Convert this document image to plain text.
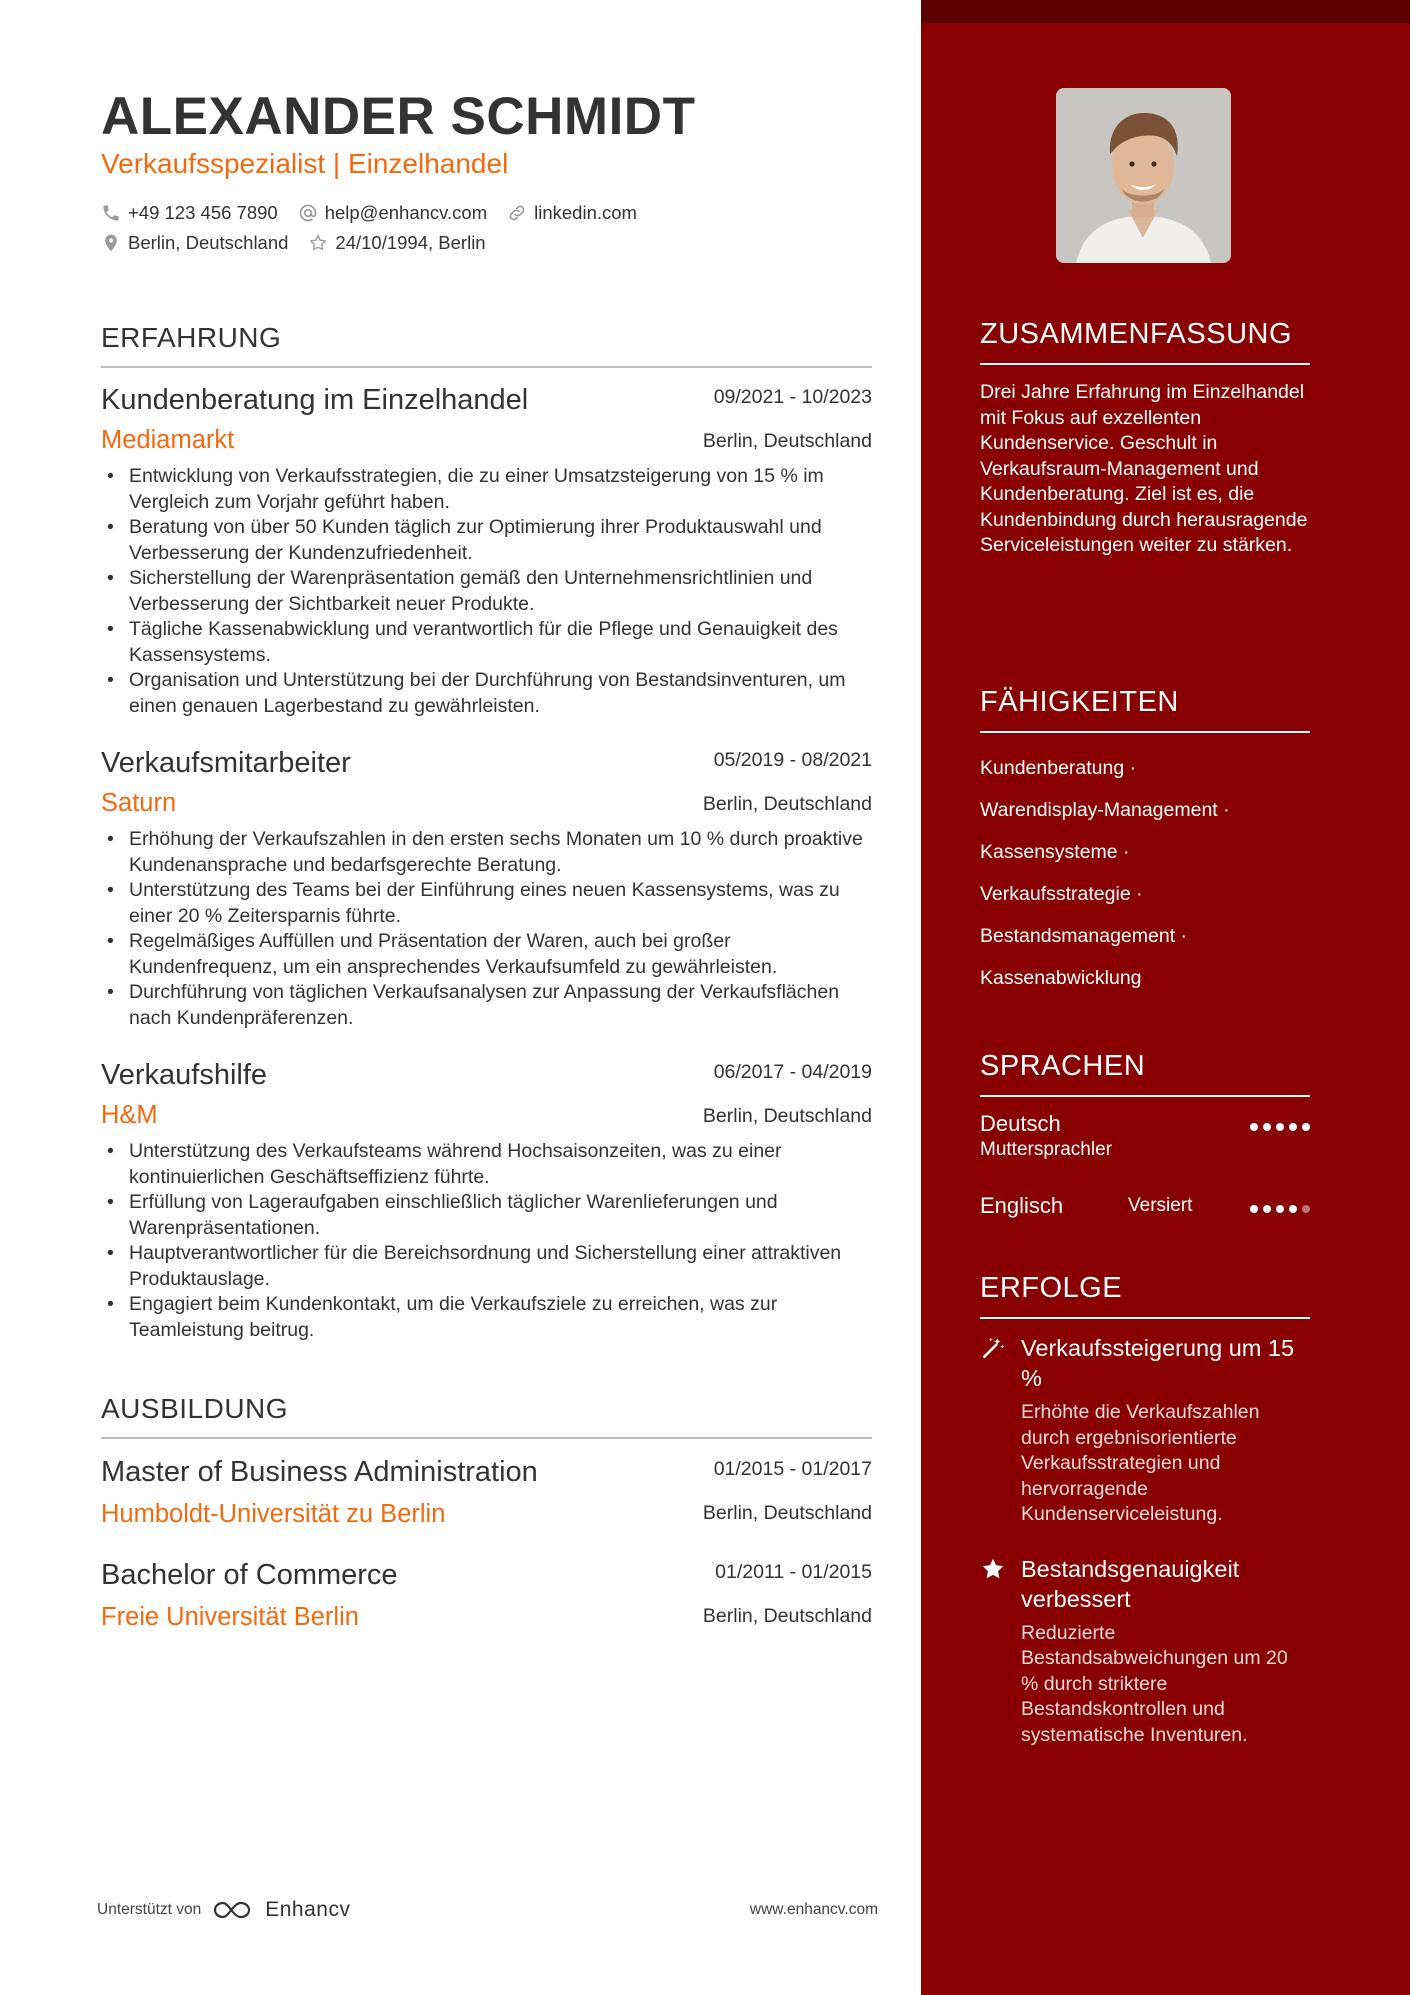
ALEXANDER SCHMIDT
Verkaufsspezialist | Einzelhandel
+49 123 456 7890	help@enhancv.com	linkedin.com
Berlin, Deutschland	24/10/1994, Berlin
ERFAHRUNG
Kundenberatung im Einzelhandel	09/2021 - 10/2023
Mediamarkt	Berlin, Deutschland
• Entwicklung von Verkaufsstrategien, die zu einer Umsatzsteigerung von 15 % im Vergleich zum Vorjahr geführt haben.
• Beratung von über 50 Kunden täglich zur Optimierung ihrer Produktauswahl und Verbesserung der Kundenzufriedenheit.
• Sicherstellung der Warenpräsentation gemäß den Unternehmensrichtlinien und Verbesserung der Sichtbarkeit neuer Produkte.
• Tägliche Kassenabwicklung und verantwortlich für die Pflege und Genauigkeit des Kassensystems.
• Organisation und Unterstützung bei der Durchführung von Bestandsinventuren, um einen genauen Lagerbestand zu gewährleisten.
Verkaufsmitarbeiter	05/2019 - 08/2021
Saturn	Berlin, Deutschland
• Erhöhung der Verkaufszahlen in den ersten sechs Monaten um 10 % durch proaktive Kundenansprache und bedarfsgerechte Beratung.
• Unterstützung des Teams bei der Einführung eines neuen Kassensystems, was zu einer 20 % Zeitersparnis führte.
• Regelmäßiges Auffüllen und Präsentation der Waren, auch bei großer Kundenfrequenz, um ein ansprechendes Verkaufsumfeld zu gewährleisten.
• Durchführung von täglichen Verkaufsanalysen zur Anpassung der Verkaufsflächen nach Kundenpräferenzen.
Verkaufshilfe	06/2017 - 04/2019
H&M	Berlin, Deutschland
• Unterstützung des Verkaufsteams während Hochsaisonzeiten, was zu einer kontinuierlichen Geschäftseffizienz führte.
• Erfüllung von Lageraufgaben einschließlich täglicher Warenlieferungen und Warenpräsentationen.
• Hauptverantwortlicher für die Bereichsordnung und Sicherstellung einer attraktiven Produktauslage.
• Engagiert beim Kundenkontakt, um die Verkaufsziele zu erreichen, was zur Teamleistung beitrug.
AUSBILDUNG
Master of Business Administration	01/2015 - 01/2017
Humboldt-Universität zu Berlin	Berlin, Deutschland
Bachelor of Commerce	01/2011 - 01/2015
Freie Universität Berlin	Berlin, Deutschland
Unterstützt von	Enhancv	www.enhancv.com
ZUSAMMENFASSUNG
Drei Jahre Erfahrung im Einzelhandel mit Fokus auf exzellenten Kundenservice. Geschult in Verkaufsraum-Management und Kundenberatung. Ziel ist es, die Kundenbindung durch herausragende Serviceleistungen weiter zu stärken.
FÄHIGKEITEN
Kundenberatung ·
Warendisplay-Management ·
Kassensysteme ·
Verkaufsstrategie ·
Bestandsmanagement ·
Kassenabwicklung
SPRACHEN
Deutsch
Muttersprachler
Englisch	Versiert
ERFOLGE
Verkaufssteigerung um 15 %
Erhöhte die Verkaufszahlen durch ergebnisorientierte Verkaufsstrategien und hervorragende Kundenserviceleistung.
Bestandsgenauigkeit verbessert
Reduzierte Bestandsabweichungen um 20 % durch striktere Bestandskontrollen und systematische Inventuren.
